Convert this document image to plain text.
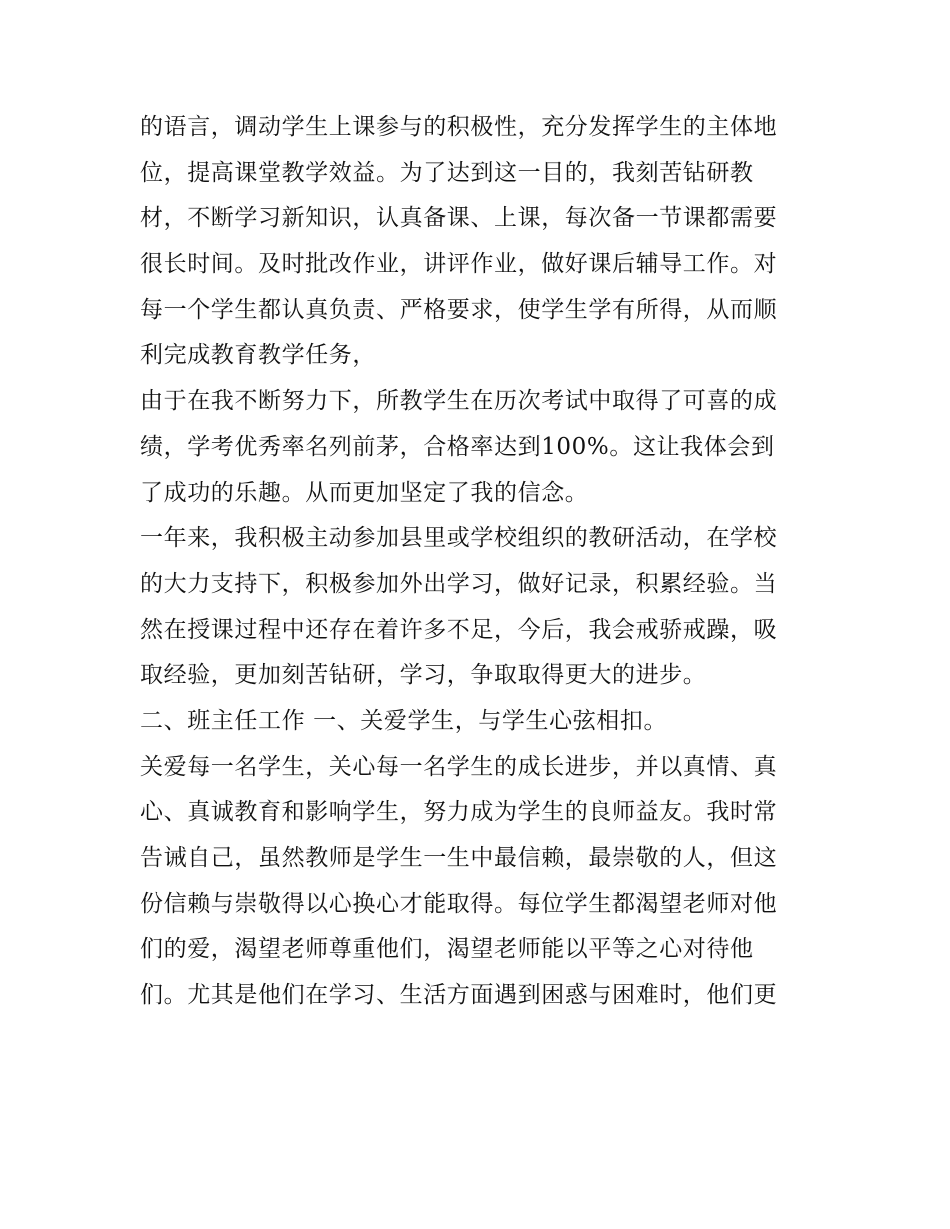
的语言，调动学生上课参与的积极性，充分发挥学生的主体地
位，提高课堂教学效益。为了达到这一目的，我刻苦钻研教
材，不断学习新知识，认真备课、上课，每次备一节课都需要
很长时间。及时批改作业，讲评作业，做好课后辅导工作。对
每一个学生都认真负责、严格要求，使学生学有所得，从而顺
利完成教育教学任务，
由于在我不断努力下，所教学生在历次考试中取得了可喜的成
绩，学考优秀率名列前茅，合格率达到100%。这让我体会到
了成功的乐趣。从而更加坚定了我的信念。
一年来，我积极主动参加县里或学校组织的教研活动，在学校
的大力支持下，积极参加外出学习，做好记录，积累经验。当
然在授课过程中还存在着许多不足，今后，我会戒骄戒躁，吸
取经验，更加刻苦钻研，学习，争取取得更大的进步。
二、班主任工作 一、关爱学生，与学生心弦相扣。
关爱每一名学生，关心每一名学生的成长进步，并以真情、真
心、真诚教育和影响学生，努力成为学生的良师益友。我时常
告诫自己，虽然教师是学生一生中最信赖，最崇敬的人，但这
份信赖与崇敬得以心换心才能取得。每位学生都渴望老师对他
们的爱，渴望老师尊重他们，渴望老师能以平等之心对待他
们。尤其是他们在学习、生活方面遇到困惑与困难时，他们更
